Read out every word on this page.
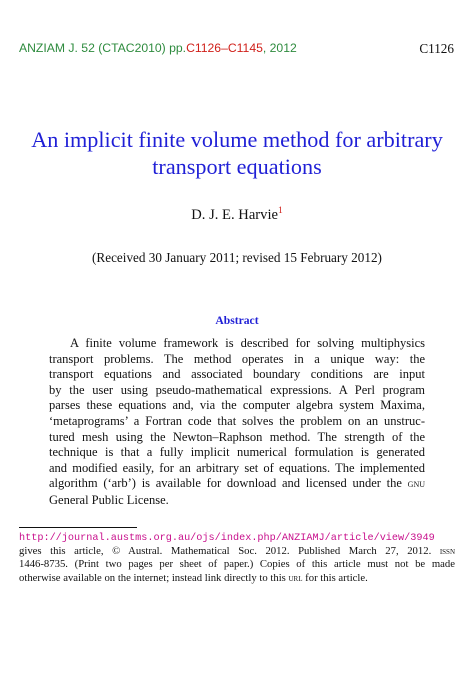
ANZIAM J. 52 (CTAC2010) pp.C1126–C1145, 2012	C1126
An implicit finite volume method for arbitrary
transport equations
D. J. E. Harvie$^1$
(Received 30 January 2011; revised 15 February 2012)
Abstract
A finite volume framework is described for solving multiphysics
transport problems. The method operates in a unique way: the
transport equations and associated boundary conditions are input
by the user using pseudo-mathematical expressions. A Perl program
parses these equations and, via the computer algebra system Maxima,
‘metaprograms’ a Fortran code that solves the problem on an unstruc-
tured mesh using the Newton–Raphson method. The strength of the
technique is that a fully implicit numerical formulation is generated
and modified easily, for an arbitrary set of equations. The implemented
algorithm (‘arb’) is available for download and licensed under the gnu
General Public License.
http://journal.austms.org.au/ojs/index.php/ANZIAMJ/article/view/3949
gives this article, © Austral. Mathematical Soc. 2012. Published March 27, 2012. issn
1446-8735. (Print two pages per sheet of paper.) Copies of this article must not be made
otherwise available on the internet; instead link directly to this url for this article.
